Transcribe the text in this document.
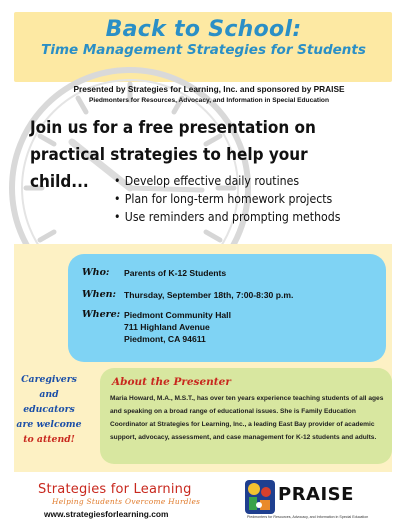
Back to School:
Time Management Strategies for Students
Presented by Strategies for Learning, Inc. and sponsored by PRAISE
Piedmonters for Resources, Advocacy, and Information in Special Education
Join us for a free presentation on
practical strategies to help your child...	• Develop effective daily routines
• Plan for long-term homework projects
• Use reminders and prompting methods
Who: Parents of K-12 Students
When: Thursday, September 18th, 7:00-8:30 p.m.
Where: Piedmont Community Hall
711 Highland Avenue
Piedmont, CA 94611
Caregivers
and educators
are welcome
to attend!
About the Presenter
Maria Howard, M.A., M.S.T., has over ten years experience teaching students of all ages and speaking on a broad range of educational issues. She is Family Education Coordinator at Strategies for Learning, Inc., a leading East Bay provider of academic support, advocacy, assessment, and case management for K-12 students and adults.
Strategies for Learning
Helping Students Overcome Hurdles
www.strategiesforlearning.com
PRAISE
Piedmonters for Resources, Advocacy, and Information in Special Education
